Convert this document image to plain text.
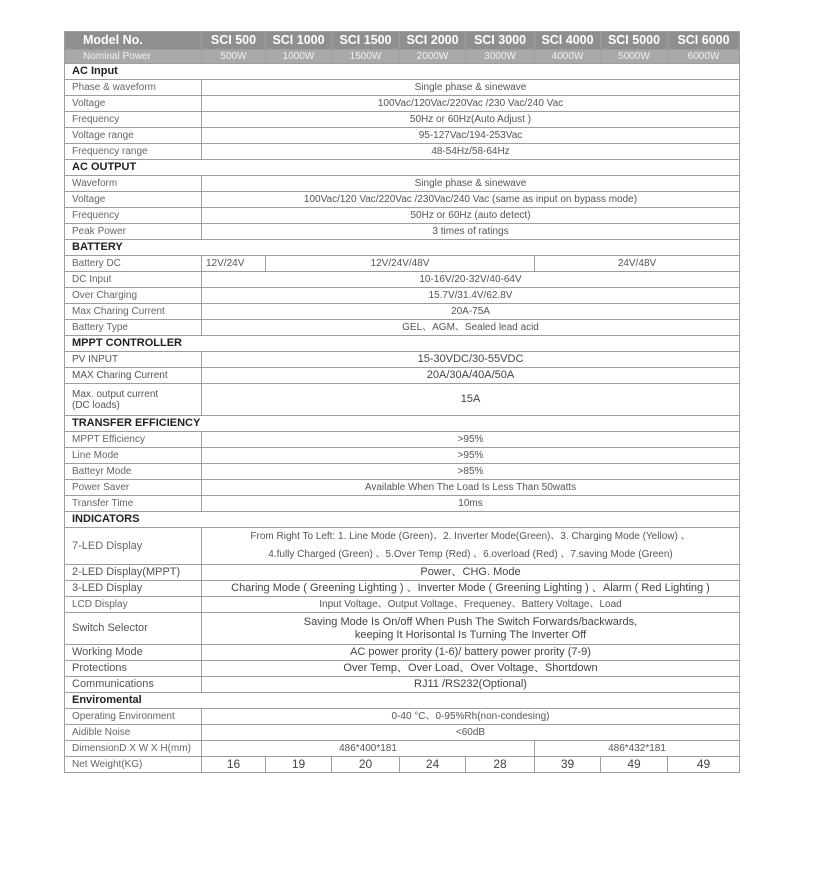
Model No.	SCI 500	SCI 1000	SCI 1500	SCI 2000	SCI 3000	SCI 4000	SCI 5000	SCI 6000
Nominal Power	500W	1000W	1500W	2000W	3000W	4000W	5000W	6000W
AC Input								
Phase & waveform	Single phase & sinewave							
Voltage	100Vac/120Vac/220Vac /230 Vac/240 Vac							
Frequency	50Hz or 60Hz(Auto Adjust )							
Voltage range	95-127Vac/194-253Vac							
Frequency range	48-54Hz/58-64Hz							
AC OUTPUT								
Waveform	Single phase & sinewave							
Voltage	100Vac/120 Vac/220Vac /230Vac/240 Vac (same as input on bypass mode)							
Frequency	50Hz or 60Hz (auto detect)							
Peak Power	3 times of ratings							
BATTERY								
Battery DC	12V/24V	12V/24V/48V				24V/48V		
DC Input	10-16V/20-32V/40-64V							
Over Charging	15.7V/31.4V/62.8V							
Max Charing Current	20A-75A							
Battery Type	GEL、AGM、Sealed lead acid							
MPPT CONTROLLER								
PV INPUT	15-30VDC/30-55VDC							
MAX Charing Current	20A/30A/40A/50A							
Max. output current
(DC loads)	15A							
TRANSFER EFFICIENCY								
MPPT Efficiency	>95%							
Line Mode	>95%							
Batteyr Mode	>85%							
Power Saver	Available When The Load Is Less Than 50watts							
Transfer Time	10ms							
INDICATORS								
7-LED Display	From Right To Left: 1. Line Mode (Green)、2. Inverter Mode(Green)、3. Charging Mode (Yellow) 、
4.fully Charged (Green) 、5.Over Temp (Red) 、6.overload (Red) 、7.saving Mode (Green)							
2-LED Display(MPPT)	Power、CHG. Mode							
3-LED Display	Charing Mode ( Greening Lighting ) 、Inverter Mode ( Greening Lighting ) 、Alarm ( Red Lighting )							
LCD Display	Input Voltage、Output Voltage、Frequeney、Battery Voltage、Load							
Switch Selector	Saving Mode Is On/off When Push The Switch Forwards/backwards,
keeping It Horisontal Is Turning The Inverter Off							
Working Mode	AC power prority (1-6)/ battery power prority (7-9)							
Protections	Over Temp、Over Load、Over Voltage、Shortdown							
Communications	RJ11 /RS232(Optional)							
Enviromental								
Operating Environment	0-40 °C、0-95%Rh(non-condesing)							
Aidible Noise	<60dB							
DimensionD X W X H(mm)	486*400*181					486*432*181		
Net Weight(KG)	16	19	20	24	28	39	49	49
